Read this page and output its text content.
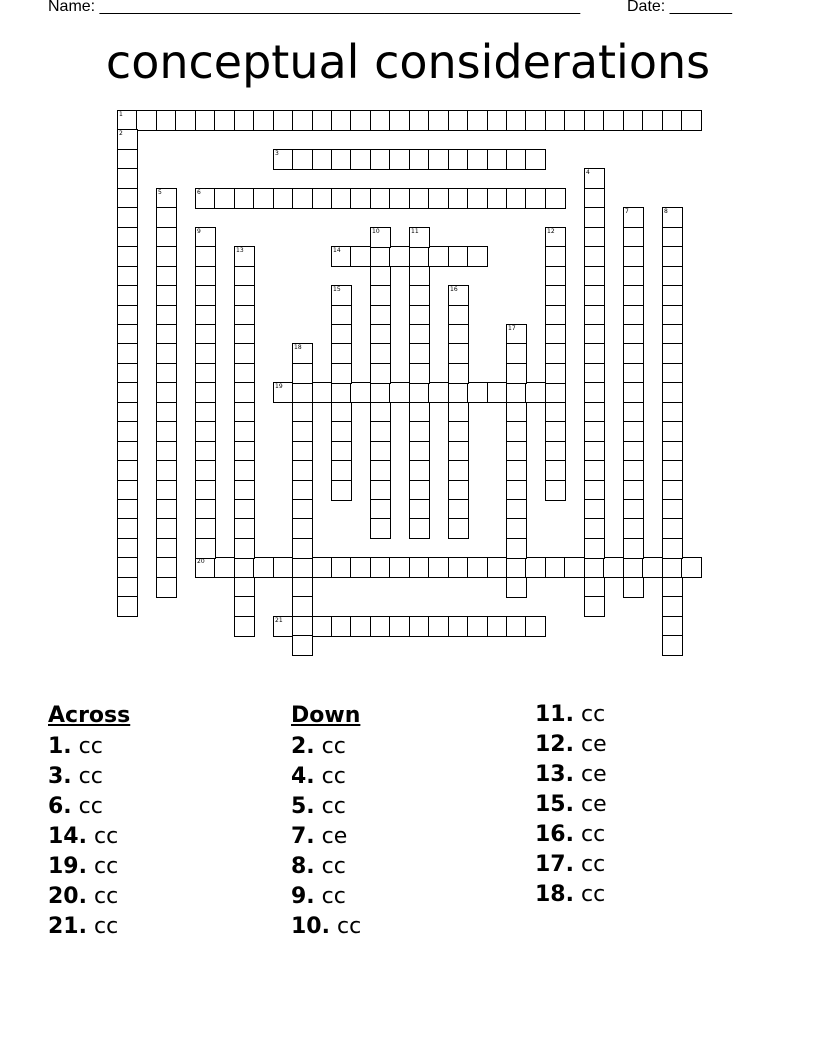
Name: ______________________________________________________	Date: _______
conceptual considerations
1
3
6
14
19
20
21
2
4
5
7	8
9	10	11	12
13
15	16
17
18
Across
1. cc
3. cc
6. cc
14. cc
19. cc
20. cc
21. cc
Down
2. cc
4. cc
5. cc
7. ce
8. cc
9. cc
10. cc
11. cc
12. ce
13. ce
15. ce
16. cc
17. cc
18. cc
